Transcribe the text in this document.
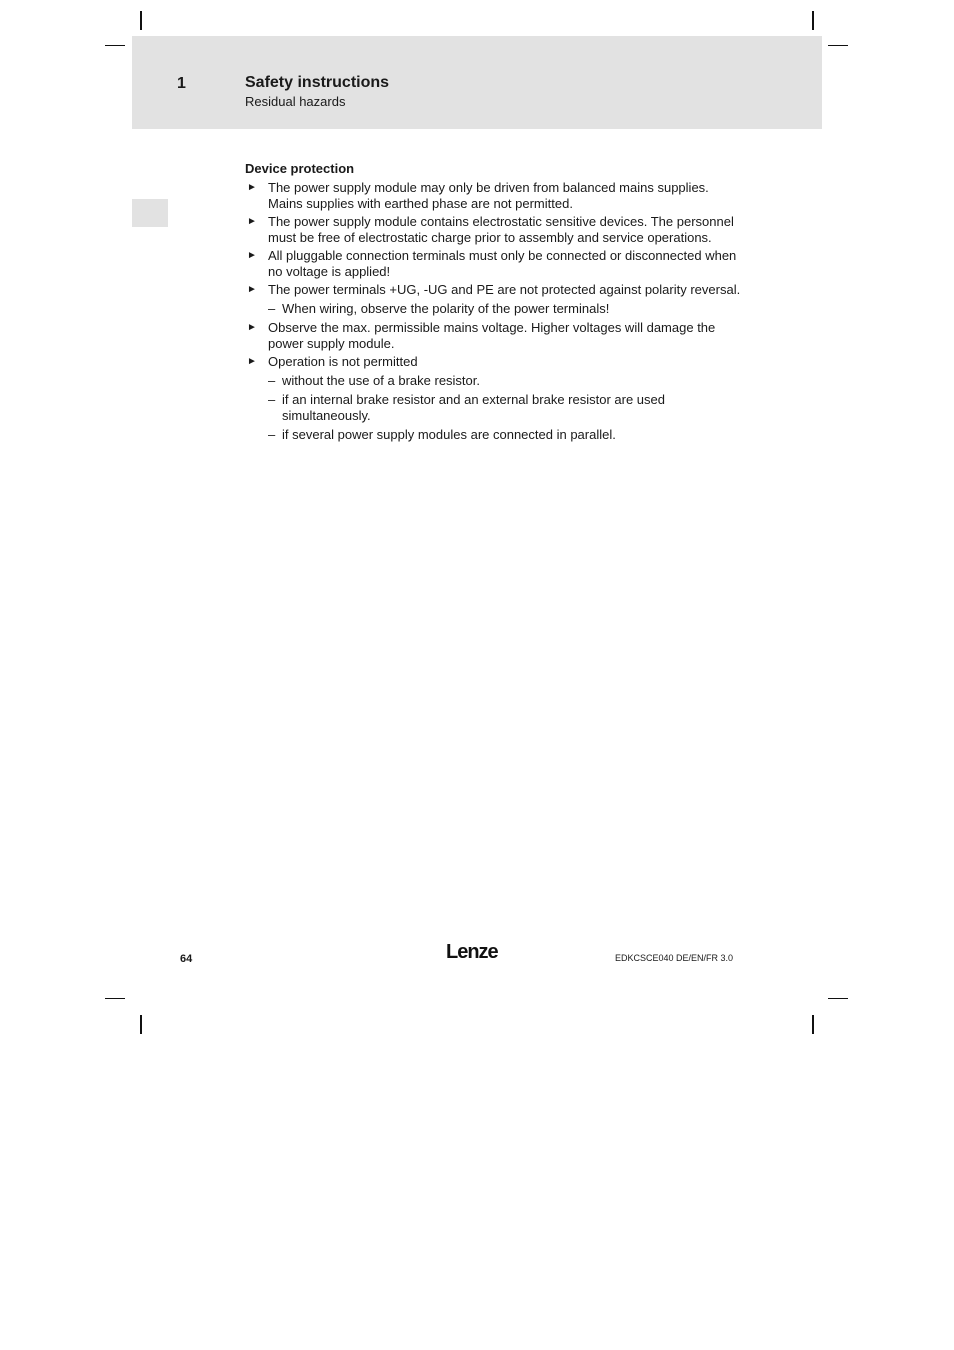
1	Safety instructions
Residual hazards
Device protection
► The power supply module may only be driven from balanced mains supplies. Mains supplies with earthed phase are not permitted.
► The power supply module contains electrostatic sensitive devices. The personnel must be free of electrostatic charge prior to assembly and service operations.
► All pluggable connection terminals must only be connected or disconnected when no voltage is applied!
► The power terminals +UG, -UG and PE are not protected against polarity reversal.
– When wiring, observe the polarity of the power terminals!
► Observe the max. permissible mains voltage. Higher voltages will damage the power supply module.
► Operation is not permitted
– without the use of a brake resistor.
– if an internal brake resistor and an external brake resistor are used simultaneously.
– if several power supply modules are connected in parallel.
64	Lenze	EDKCSCE040 DE/EN/FR 3.0
